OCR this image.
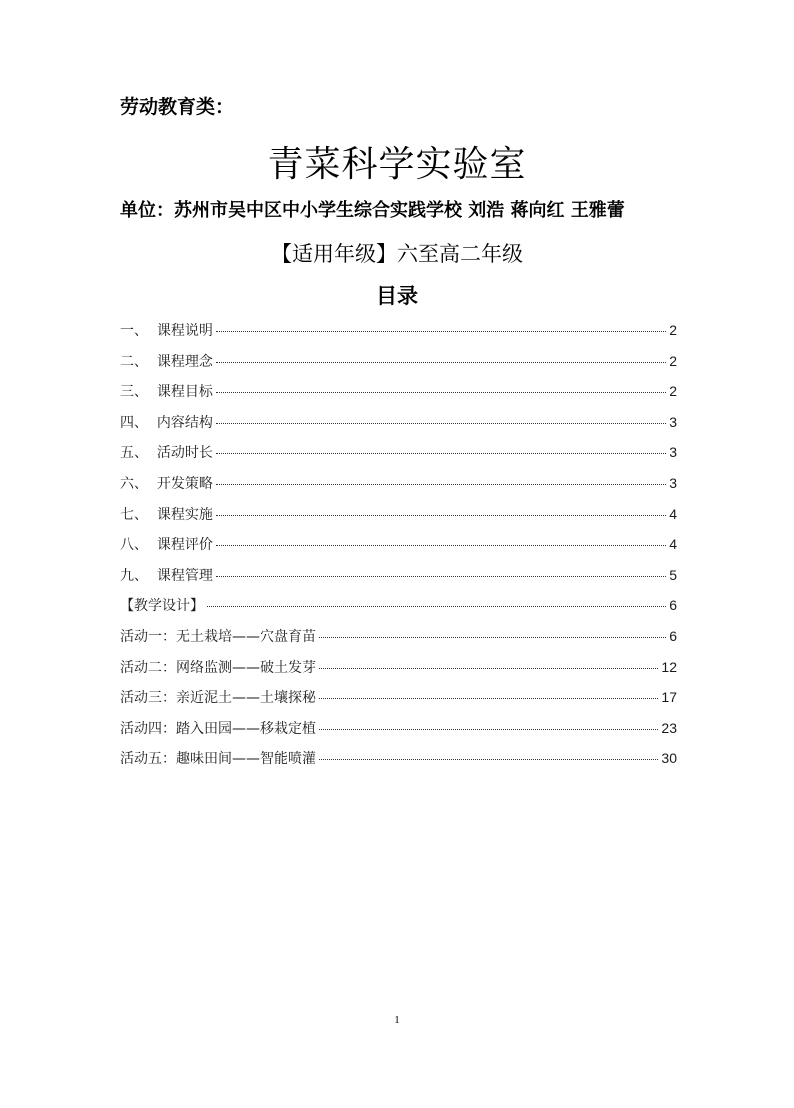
劳动教育类：
青菜科学实验室
单位：苏州市吴中区中小学生综合实践学校 刘浩 蒋向红 王雅蕾
【适用年级】六至高二年级
目录
一、  课程说明	2
二、  课程理念	2
三、  课程目标	2
四、  内容结构	3
五、  活动时长	3
六、  开发策略	3
七、  课程实施	4
八、  课程评价	4
九、  课程管理	5
【教学设计】	6
活动一：无土栽培——穴盘育苗	6
活动二：网络监测——破土发芽	12
活动三：亲近泥土——土壤探秘	17
活动四：踏入田园——移栽定植	23
活动五：趣味田间——智能喷灌	30
1
